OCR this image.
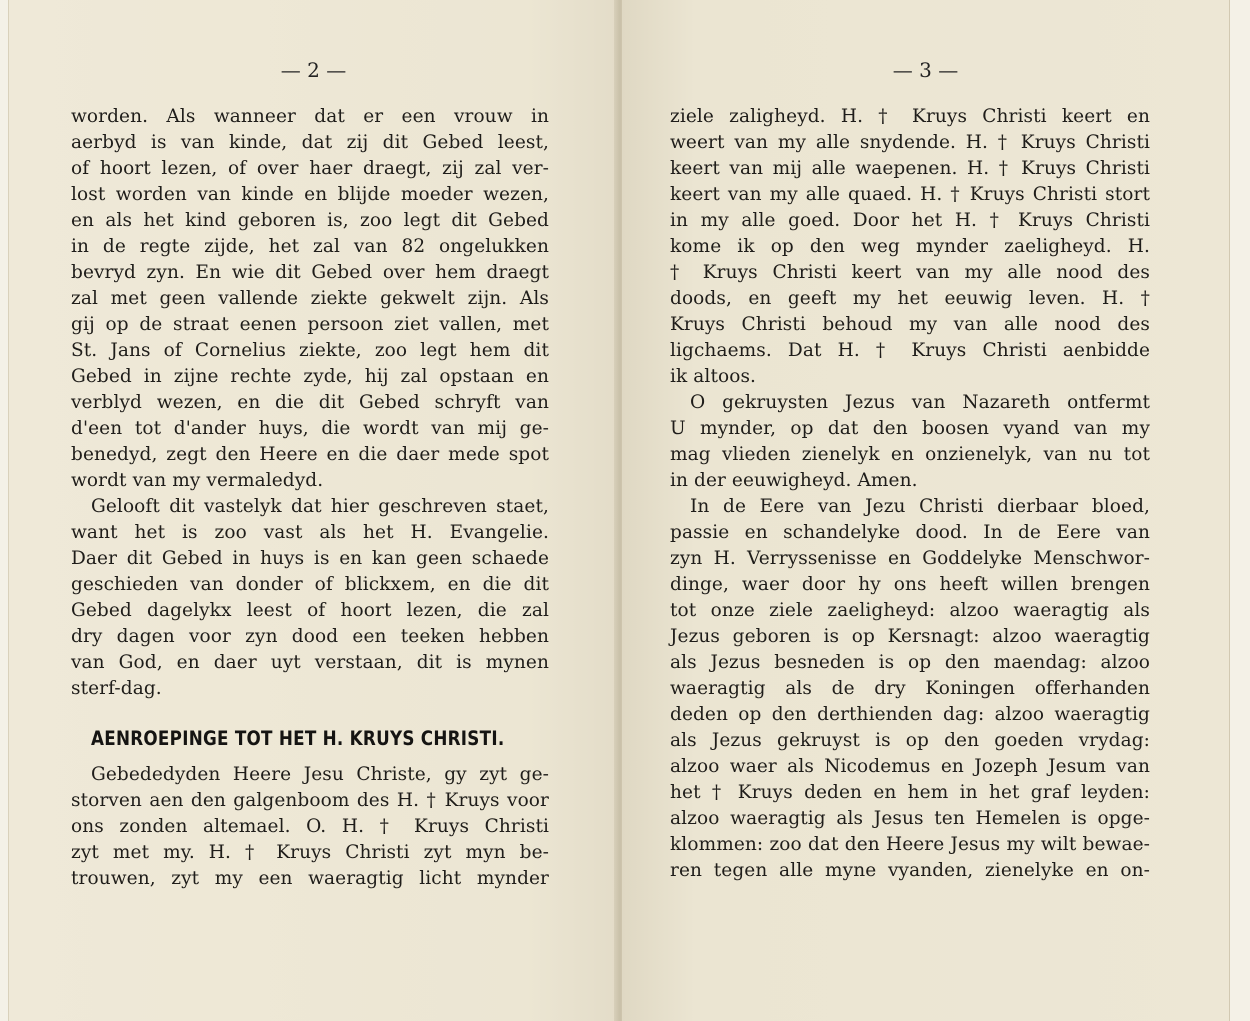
— 2 —
worden. Als wanneer dat er een vrouw in
aerbyd is van kinde, dat zij dit Gebed leest,
of hoort lezen, of over haer draegt, zij zal ver-
lost worden van kinde en blijde moeder wezen,
en als het kind geboren is, zoo legt dit Gebed
in de regte zijde, het zal van 82 ongelukken
bevryd zyn. En wie dit Gebed over hem draegt
zal met geen vallende ziekte gekwelt zijn. Als
gij op de straat eenen persoon ziet vallen, met
St. Jans of Cornelius ziekte, zoo legt hem dit
Gebed in zijne rechte zyde, hij zal opstaan en
verblyd wezen, en die dit Gebed schryft van
d'een tot d'ander huys, die wordt van mij ge-
benedyd, zegt den Heere en die daer mede spot
wordt van my vermaledyd.
Gelooft dit vastelyk dat hier geschreven staet,
want het is zoo vast als het H. Evangelie.
Daer dit Gebed in huys is en kan geen schaede
geschieden van donder of blickxem, en die dit
Gebed dagelykx leest of hoort lezen, die zal
dry dagen voor zyn dood een teeken hebben
van God, en daer uyt verstaan, dit is mynen
sterf-dag.
AENROEPINGE TOT HET H. KRUYS CHRISTI.
Gebededyden Heere Jesu Christe, gy zyt ge-
storven aen den galgenboom des H. † Kruys voor
ons zonden altemael. O. H. † Kruys Christi
zyt met my. H. † Kruys Christi zyt myn be-
trouwen, zyt my een waeragtig licht mynder
— 3 —
ziele zaligheyd. H. † Kruys Christi keert en
weert van my alle snydende. H. † Kruys Christi
keert van mij alle waepenen. H. † Kruys Christi
keert van my alle quaed. H. † Kruys Christi stort
in my alle goed. Door het H. † Kruys Christi
kome ik op den weg mynder zaeligheyd. H.
† Kruys Christi keert van my alle nood des
doods, en geeft my het eeuwig leven. H. †
Kruys Christi behoud my van alle nood des
ligchaems. Dat H. † Kruys Christi aenbidde
ik altoos.
O gekruysten Jezus van Nazareth ontfermt
U mynder, op dat den boosen vyand van my
mag vlieden zienelyk en onzienelyk, van nu tot
in der eeuwigheyd. Amen.
In de Eere van Jezu Christi dierbaar bloed,
passie en schandelyke dood. In de Eere van
zyn H. Verryssenisse en Goddelyke Menschwor-
dinge, waer door hy ons heeft willen brengen
tot onze ziele zaeligheyd: alzoo waeragtig als
Jezus geboren is op Kersnagt: alzoo waeragtig
als Jezus besneden is op den maendag: alzoo
waeragtig als de dry Koningen offerhanden
deden op den derthienden dag: alzoo waeragtig
als Jezus gekruyst is op den goeden vrydag:
alzoo waer als Nicodemus en Jozeph Jesum van
het † Kruys deden en hem in het graf leyden:
alzoo waeragtig als Jesus ten Hemelen is opge-
klommen: zoo dat den Heere Jesus my wilt bewae-
ren tegen alle myne vyanden, zienelyke en on-
